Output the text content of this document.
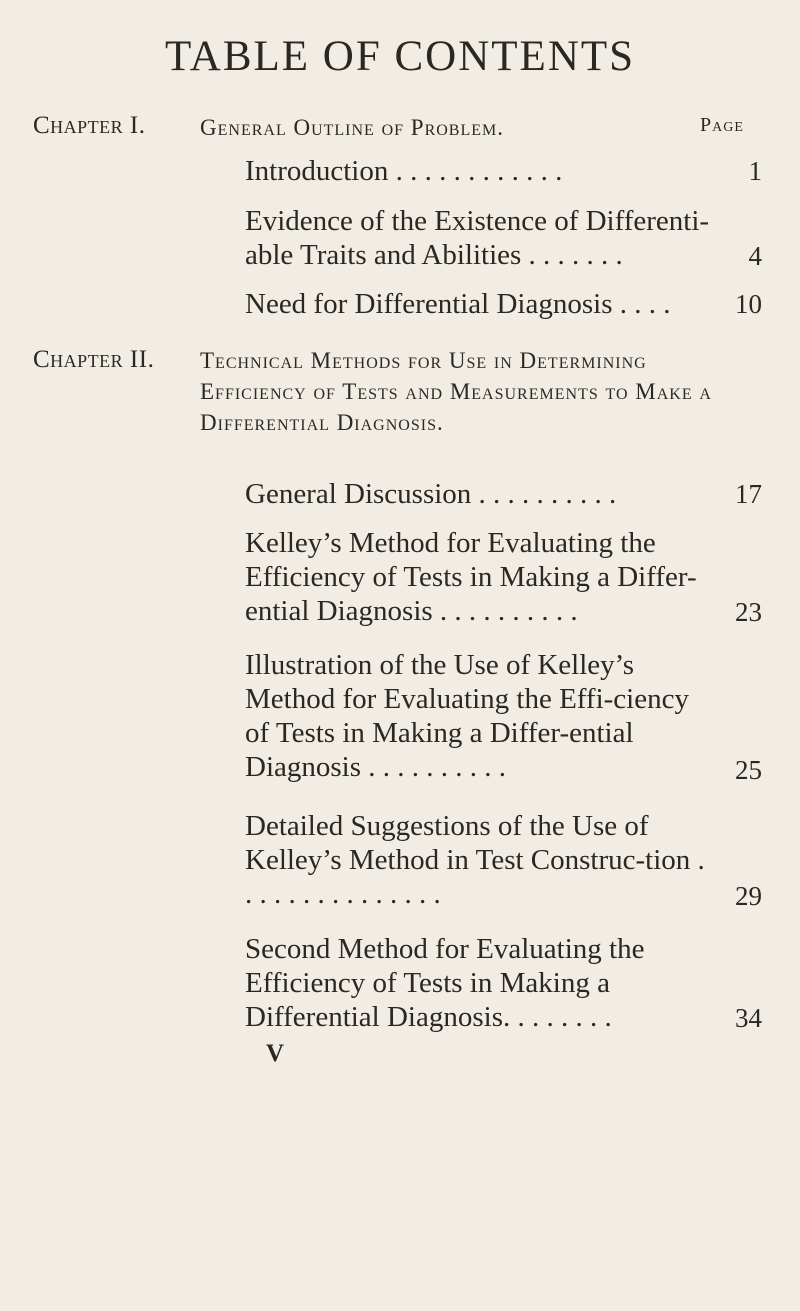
TABLE OF CONTENTS
Chapter I. General Outline of Problem.	Page
Introduction . . . . . . . . . . . .	1
Evidence of the Existence of Differenti-able Traits and Abilities . . . . . . .	4
Need for Differential Diagnosis . . . .	10
Chapter II. Technical Methods for Use in Determining Efficiency of Tests and Measurements to Make a Differential Diagnosis.
General Discussion . . . . . . . . . .	17
Kelley’s Method for Evaluating the Efficiency of Tests in Making a Differ-ential Diagnosis . . . . . . . . . .	23
Illustration of the Use of Kelley’s Method for Evaluating the Effi-ciency of Tests in Making a Differ-ential Diagnosis . . . . . . . . . .	25
Detailed Suggestions of the Use of Kelley’s Method in Test Construc-tion . . . . . . . . . . . . . . .	29
Second Method for Evaluating the Efficiency of Tests in Making a Differential Diagnosis. . . . . . . .	34
V
